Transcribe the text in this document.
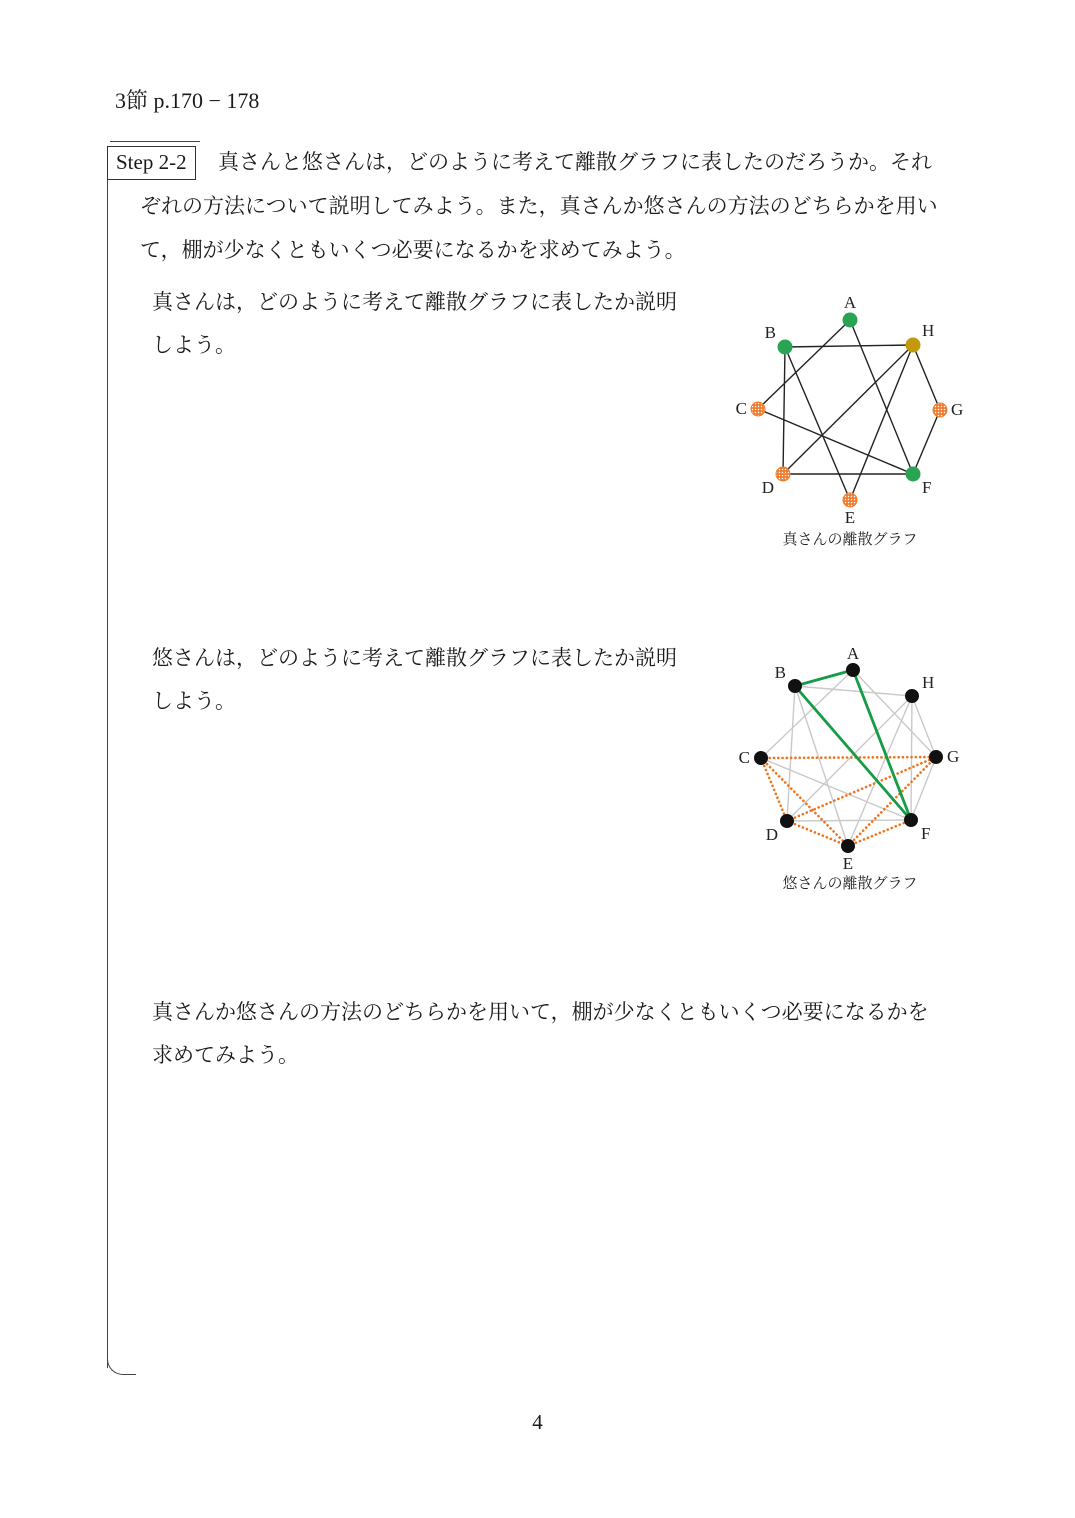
3節 p.170 − 178
Step 2-2	真さんと悠さんは，どのように考えて離散グラフに表したのだろうか。それ
ぞれの方法について説明してみよう。また，真さんか悠さんの方法のどちらかを用い
て，棚が少なくともいくつ必要になるかを求めてみよう。
真さんは，どのように考えて離散グラフに表したか説明
しよう。
A
B	H
C	G
D	F
E
真さんの離散グラフ
悠さんは，どのように考えて離散グラフに表したか説明
しよう。
A
B
H
C	G
D	F
E
悠さんの離散グラフ
真さんか悠さんの方法のどちらかを用いて，棚が少なくともいくつ必要になるかを
求めてみよう。
4
